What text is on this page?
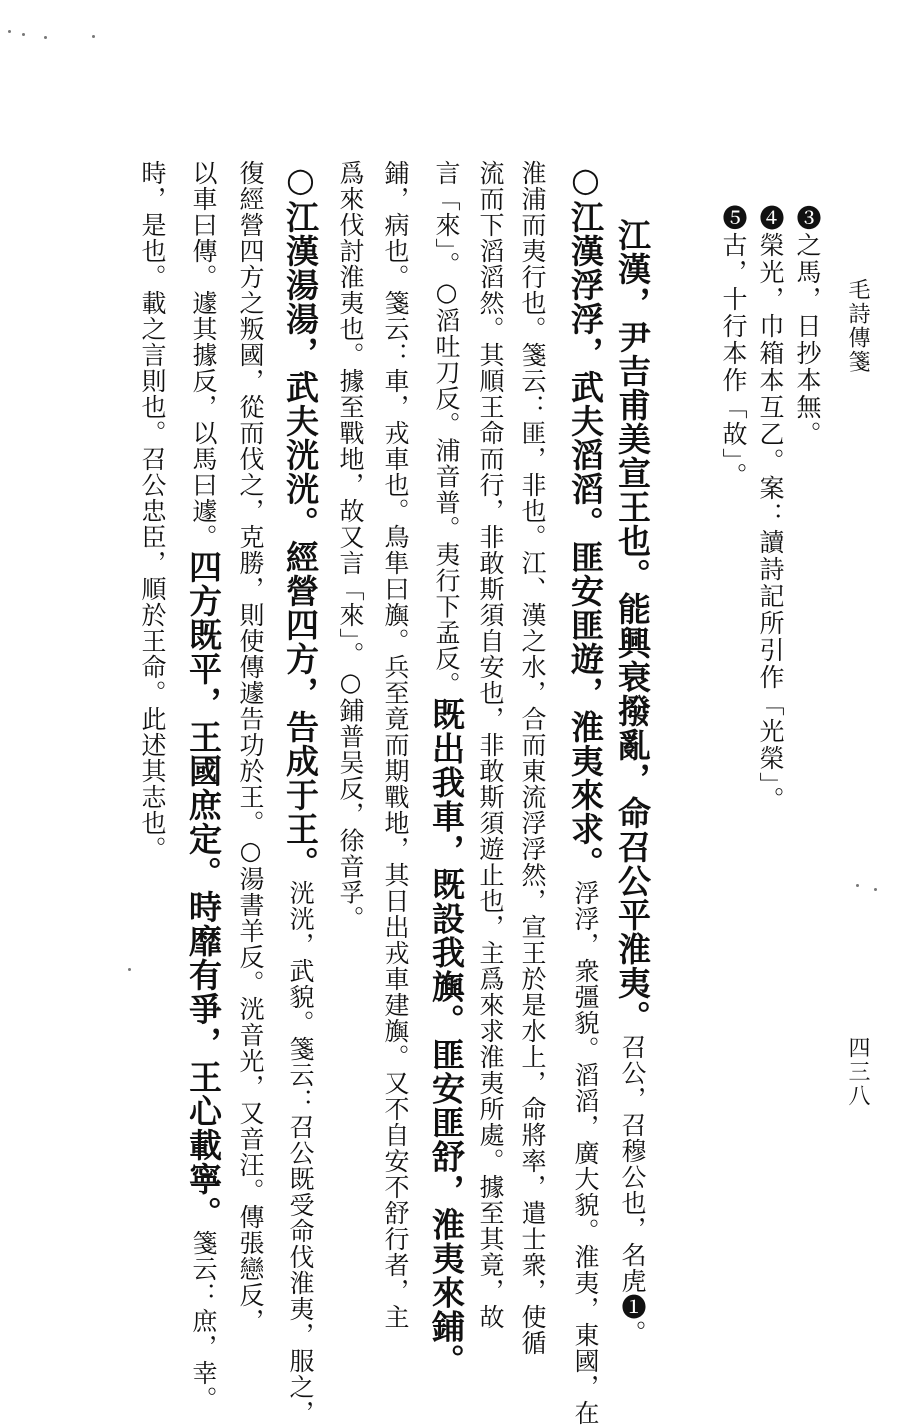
毛詩傳箋
四三八
❸之馬，日抄本無。
❹榮光，巾箱本互乙。案：讀詩記所引作「光榮」。
❺古，十行本作「故」。
江漢，尹吉甫美宣王也。能興衰撥亂，命召公平淮夷。召公，召穆公也，名虎❶。
○江漢浮浮，武夫滔滔。匪安匪遊，淮夷來求。浮浮，衆彊貌。滔滔，廣大貌。淮夷，東國，在
淮浦而夷行也。箋云：匪，非也。江、漢之水，合而東流浮浮然，宣王於是水上，命將率，遣士衆，使循
流而下滔滔然。其順王命而行，非敢斯須自安也，非敢斯須遊止也，主爲來求淮夷所處。據至其竟，故
言「來」。○滔吐刀反。浦音普。夷行下孟反。既出我車，既設我旟。匪安匪舒，淮夷來鋪。
鋪，病也。箋云：車，戎車也。鳥隼曰旟。兵至竟而期戰地，其日出戎車建旟。又不自安不舒行者，主
爲來伐討淮夷也。據至戰地，故又言「來」。○鋪普吴反，徐音孚。
○江漢湯湯，武夫洸洸。經營四方，告成于王。洸洸，武貌。箋云：召公既受命伐淮夷，服之，
復經營四方之叛國，從而伐之，克勝，則使傳遽告功於王。○湯書羊反。洸音光，又音汪。傳張戀反，
以車曰傳。遽其據反，以馬曰遽。四方既平，王國庶定。時靡有爭，王心載寧。箋云：庶，幸。
時，是也。載之言則也。召公忠臣，順於王命。此述其志也。
